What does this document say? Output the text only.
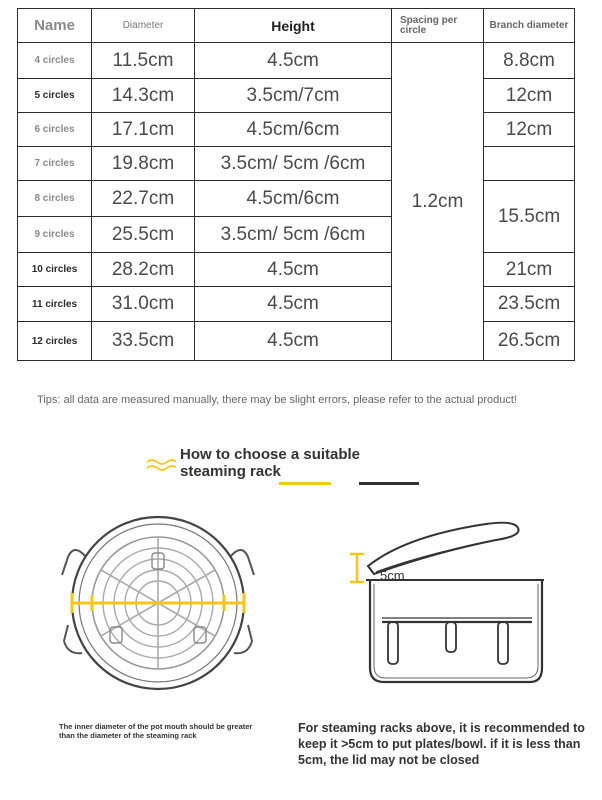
Name	Diameter	Height	Spacing per circle	Branch diameter
4 circles	11.5cm	4.5cm	1.2cm	8.8cm
5 circles	14.3cm	3.5cm/7cm		12cm
6 circles	17.1cm	4.5cm/6cm		12cm
7 circles	19.8cm	3.5cm/ 5cm /6cm		
8 circles	22.7cm	4.5cm/6cm		15.5cm
9 circles	25.5cm	3.5cm/ 5cm /6cm		
10 circles	28.2cm	4.5cm		21cm
11 circles	31.0cm	4.5cm		23.5cm
12 circles	33.5cm	4.5cm		26.5cm
Tips: all data are measured manually, there may be slight errors, please refer to the actual product!
How to choose a suitable steaming rack
5cm
The inner diameter of the pot mouth should be greater than the diameter of the steaming rack
For steaming racks above, it is recommended to keep it >5cm to put plates/bowl. if it is less than 5cm, the lid may not be closed
